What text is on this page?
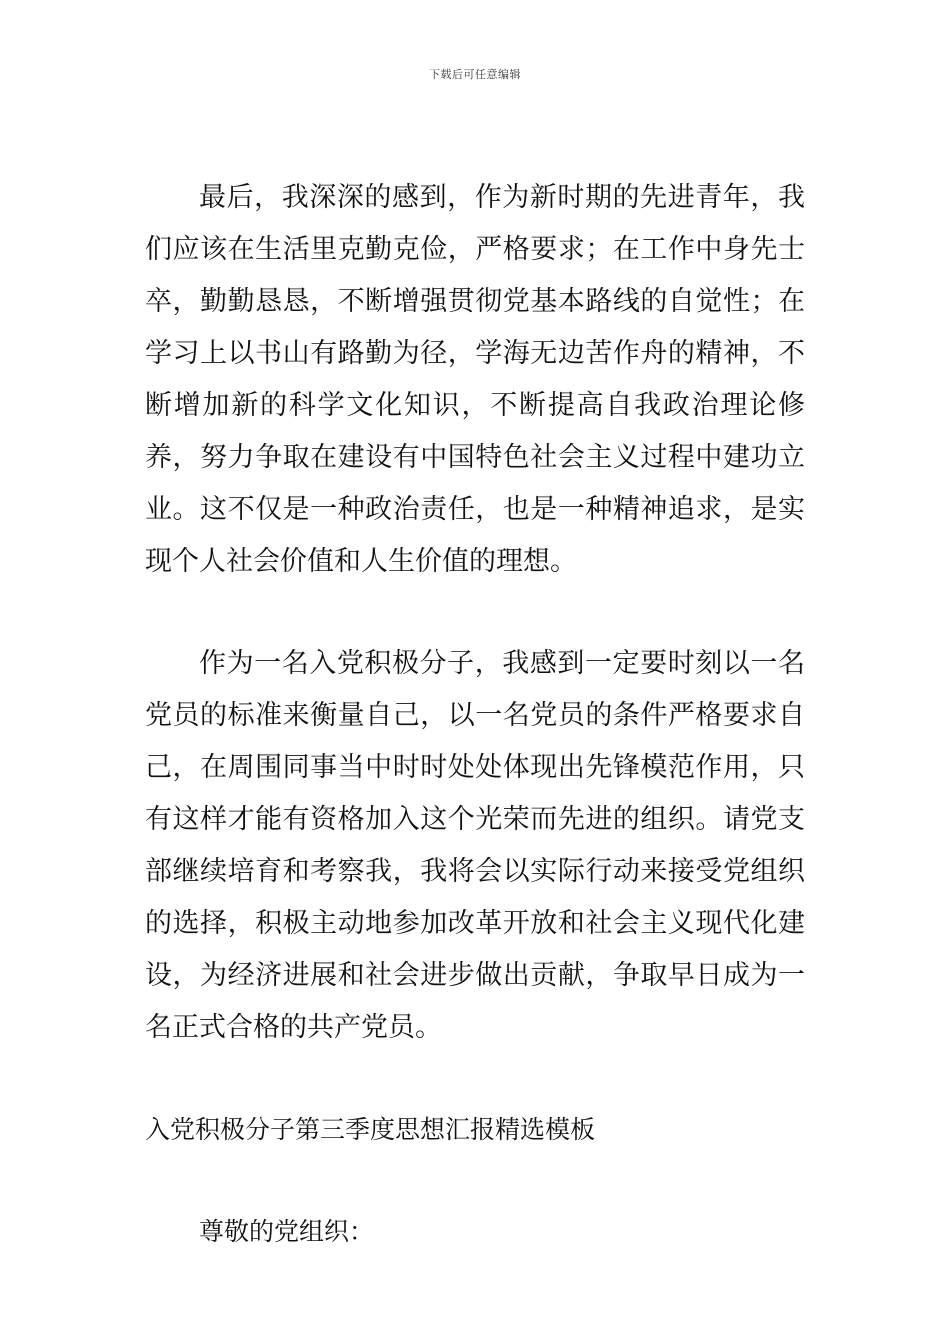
下载后可任意编辑

最后，我深深的感到，作为新时期的先进青年，我们应该在生活里克勤克俭，严格要求；在工作中身先士卒，勤勤恳恳，不断增强贯彻党基本路线的自觉性；在学习上以书山有路勤为径，学海无边苦作舟的精神，不断增加新的科学文化知识，不断提高自我政治理论修养，努力争取在建设有中国特色社会主义过程中建功立业。这不仅是一种政治责任，也是一种精神追求，是实现个人社会价值和人生价值的理想。

作为一名入党积极分子，我感到一定要时刻以一名党员的标准来衡量自己，以一名党员的条件严格要求自己，在周围同事当中时时处处体现出先锋模范作用，只有这样才能有资格加入这个光荣而先进的组织。请党支部继续培育和考察我，我将会以实际行动来接受党组织的选择，积极主动地参加改革开放和社会主义现代化建设，为经济进展和社会进步做出贡献，争取早日成为一名正式合格的共产党员。

入党积极分子第三季度思想汇报精选模板

尊敬的党组织：
